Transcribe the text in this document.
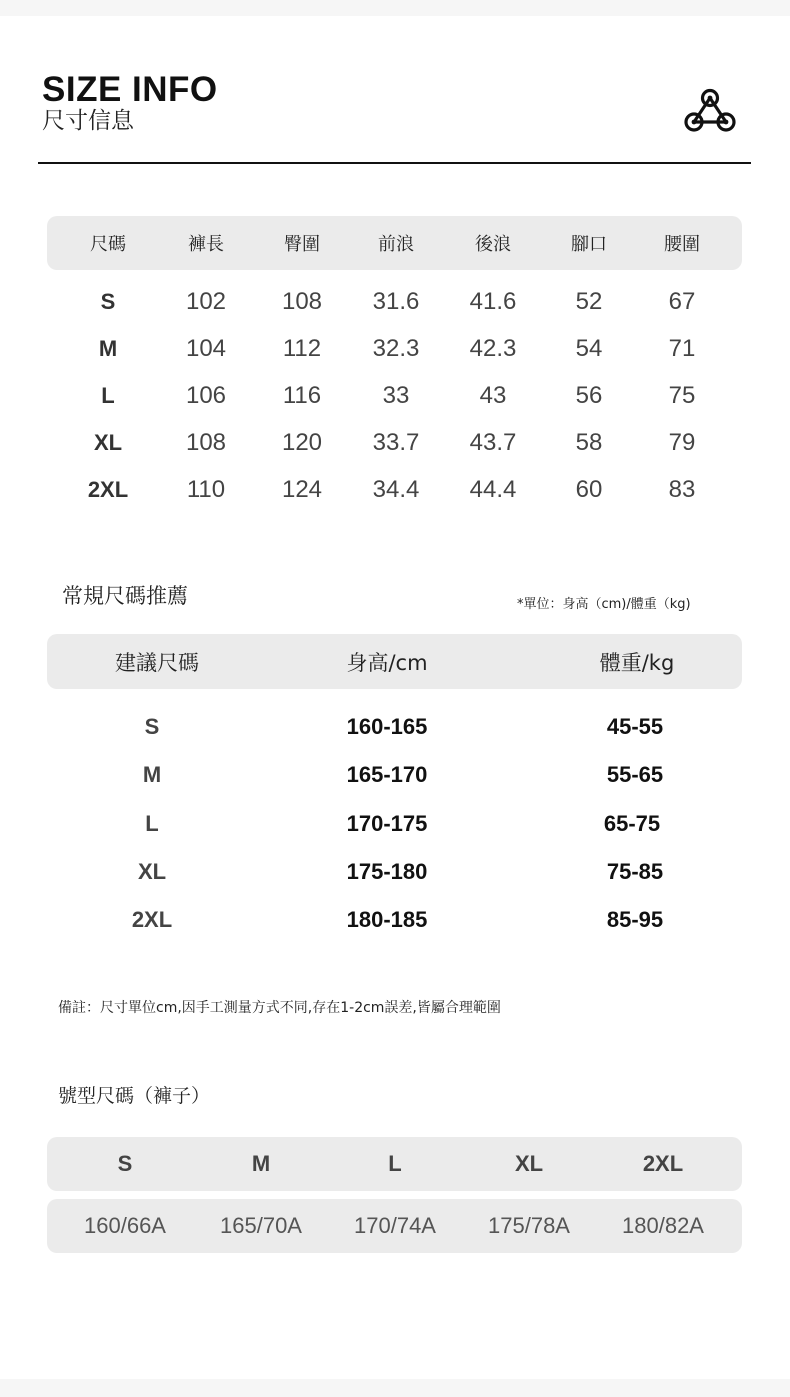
SIZE INFO
尺寸信息
尺碼	褲長	臀圍	前浪	後浪	腳口	腰圍
S	102	108	31.6	41.6	52	67
M	104	112	32.3	42.3	54	71
L	106	116	33	43	56	75
XL	108	120	33.7	43.7	58	79
2XL	110	124	34.4	44.4	60	83
常規尺碼推薦	*單位：身高（cm)/體重（kg)
建議尺碼	身高/cm	體重/kg
S	160-165	45-55
M	165-170	55-65
L	170-175	65-75
XL	175-180	75-85
2XL	180-185	85-95
備註：尺寸單位cm,因手工測量方式不同,存在1-2cm誤差,皆屬合理範圍
號型尺碼（褲子）
S	M	L	XL	2XL
160/66A	165/70A	170/74A	175/78A	180/82A
